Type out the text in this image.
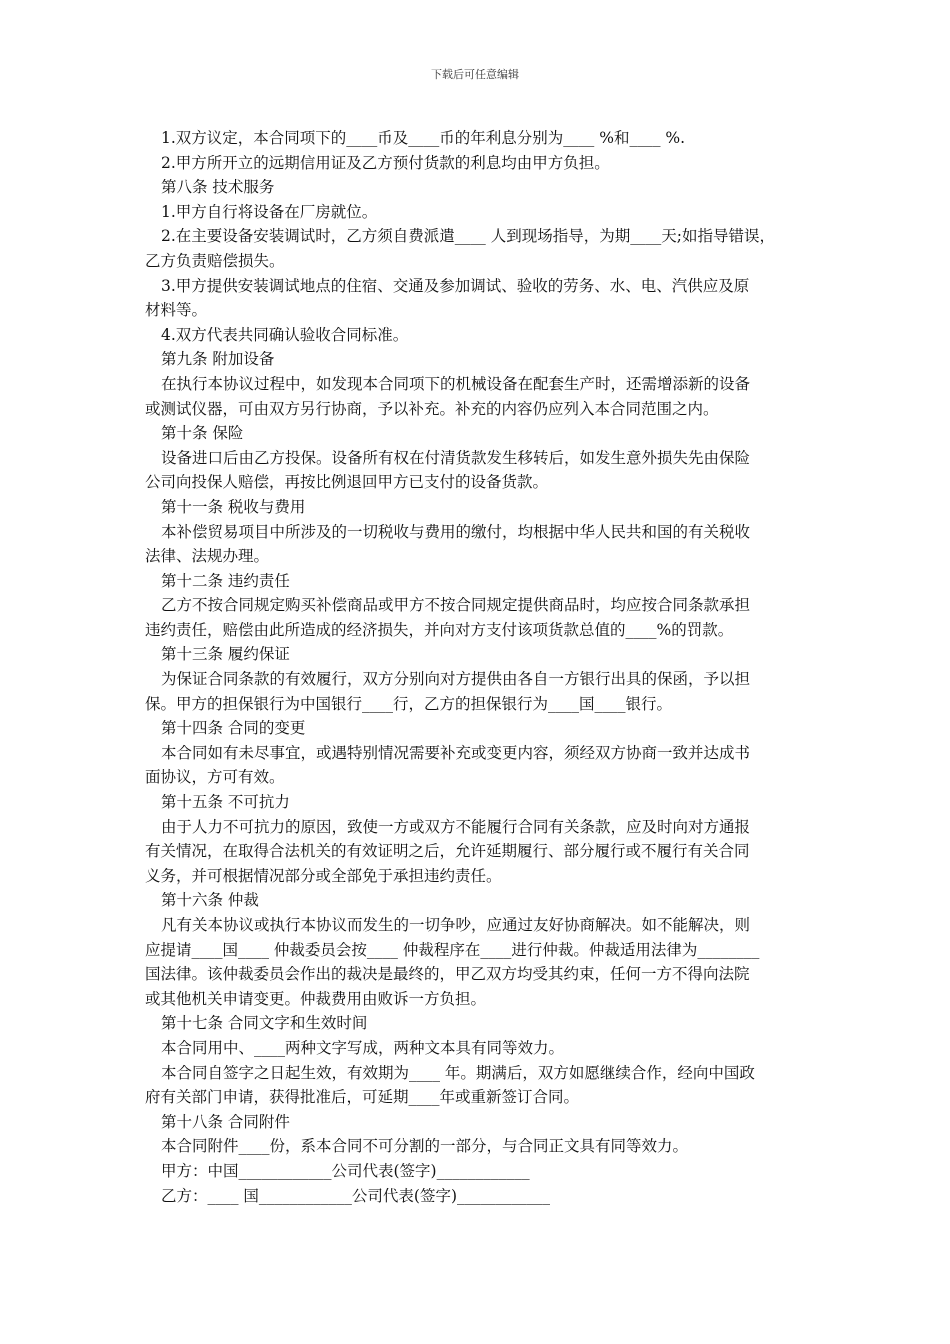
下载后可任意编辑
1.双方议定，本合同项下的____币及____币的年利息分别为____ %和____ %.
2.甲方所开立的远期信用证及乙方预付货款的利息均由甲方负担。
第八条 技术服务
1.甲方自行将设备在厂房就位。
2.在主要设备安装调试时，乙方须自费派遣____ 人到现场指导，为期____天;如指导错误，
乙方负责赔偿损失。
3.甲方提供安装调试地点的住宿、交通及参加调试、验收的劳务、水、电、汽供应及原
材料等。
4.双方代表共同确认验收合同标准。
第九条 附加设备
在执行本协议过程中，如发现本合同项下的机械设备在配套生产时，还需增添新的设备
或测试仪器，可由双方另行协商，予以补充。补充的内容仍应列入本合同范围之内。
第十条 保险
设备进口后由乙方投保。设备所有权在付清货款发生移转后，如发生意外损失先由保险
公司向投保人赔偿，再按比例退回甲方已支付的设备货款。
第十一条 税收与费用
本补偿贸易项目中所涉及的一切税收与费用的缴付，均根据中华人民共和国的有关税收
法律、法规办理。
第十二条 违约责任
乙方不按合同规定购买补偿商品或甲方不按合同规定提供商品时，均应按合同条款承担
违约责任，赔偿由此所造成的经济损失，并向对方支付该项货款总值的____%的罚款。
第十三条 履约保证
为保证合同条款的有效履行，双方分别向对方提供由各自一方银行出具的保函，予以担
保。甲方的担保银行为中国银行____行，乙方的担保银行为____国____银行。
第十四条 合同的变更
本合同如有未尽事宜，或遇特别情况需要补充或变更内容，须经双方协商一致并达成书
面协议，方可有效。
第十五条 不可抗力
由于人力不可抗力的原因，致使一方或双方不能履行合同有关条款，应及时向对方通报
有关情况，在取得合法机关的有效证明之后，允许延期履行、部分履行或不履行有关合同
义务，并可根据情况部分或全部免于承担违约责任。
第十六条 仲裁
凡有关本协议或执行本协议而发生的一切争吵，应通过友好协商解决。如不能解决，则
应提请____国____ 仲裁委员会按____ 仲裁程序在____进行仲裁。仲裁适用法律为________
国法律。该仲裁委员会作出的裁决是最终的，甲乙双方均受其约束，任何一方不得向法院
或其他机关申请变更。仲裁费用由败诉一方负担。
第十七条 合同文字和生效时间
本合同用中、____两种文字写成，两种文本具有同等效力。
本合同自签字之日起生效，有效期为____ 年。期满后，双方如愿继续合作，经向中国政
府有关部门申请，获得批准后，可延期____年或重新签订合同。
第十八条 合同附件
本合同附件____份，系本合同不可分割的一部分，与合同正文具有同等效力。
甲方：中国____________公司代表(签字)____________
乙方：____ 国____________公司代表(签字)____________
